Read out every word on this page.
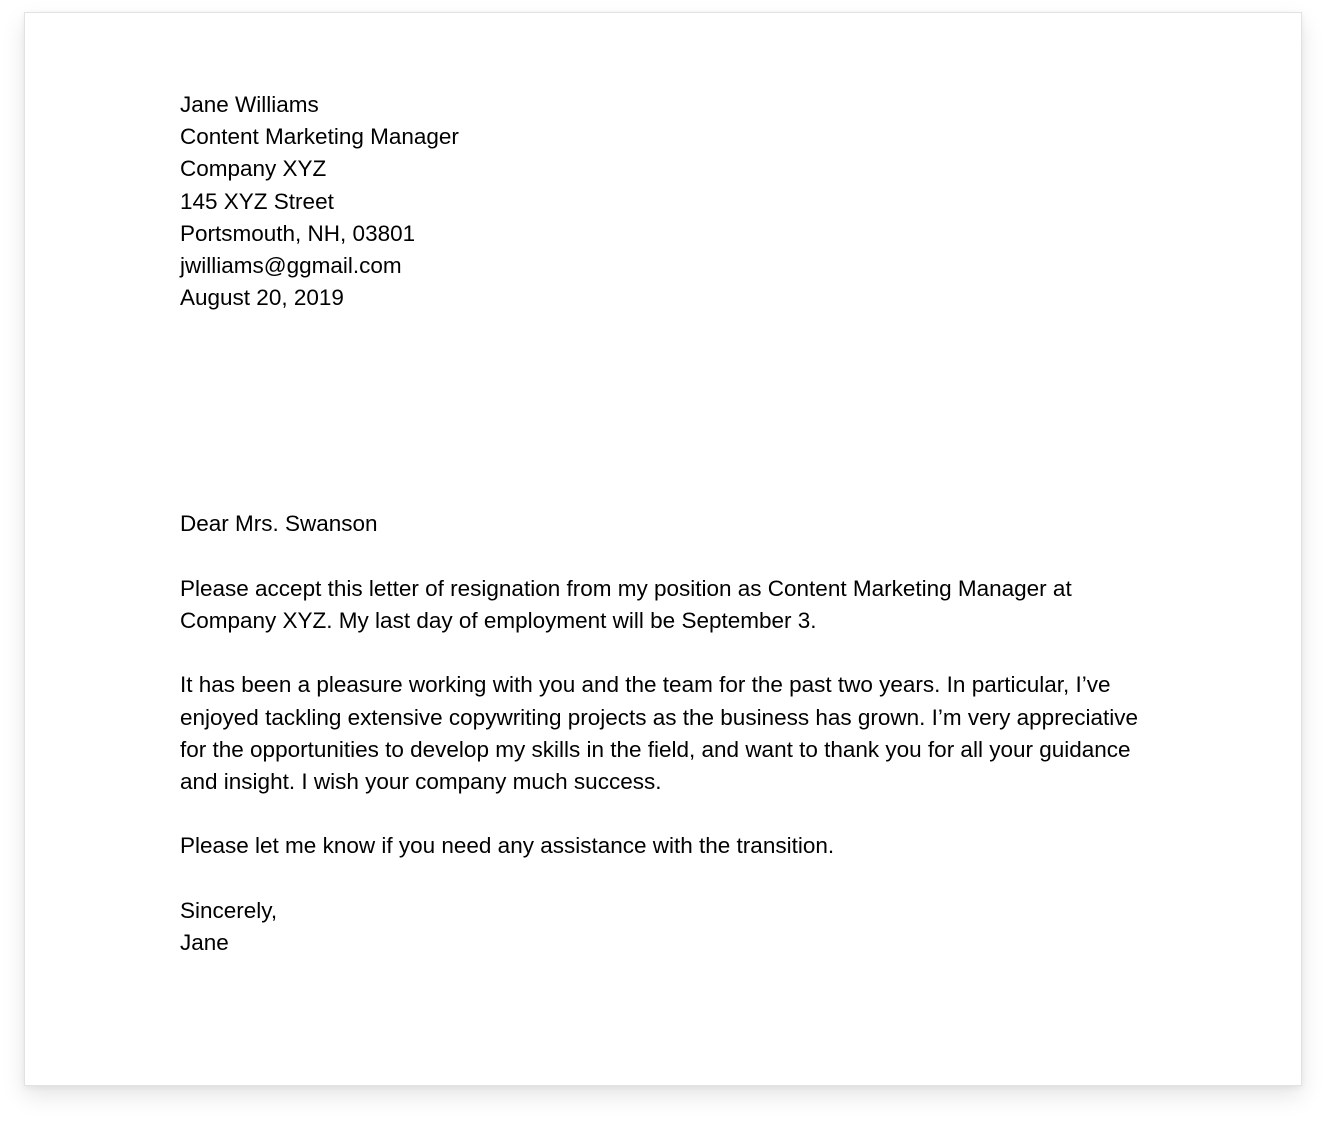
Jane Williams

Content Marketing Manager

Company XYZ

145 XYZ Street

Portsmouth, NH, 03801

jwilliams@ggmail.com

August 20, 2019

Dear Mrs. Swanson

Please accept this letter of resignation from my position as Content Marketing Manager at Company XYZ. My last day of employment will be September 3.

It has been a pleasure working with you and the team for the past two years. In particular, I’ve enjoyed tackling extensive copywriting projects as the business has grown. I’m very appreciative for the opportunities to develop my skills in the field, and want to thank you for all your guidance and insight. I wish your company much success.

Please let me know if you need any assistance with the transition.

Sincerely,

Jane
